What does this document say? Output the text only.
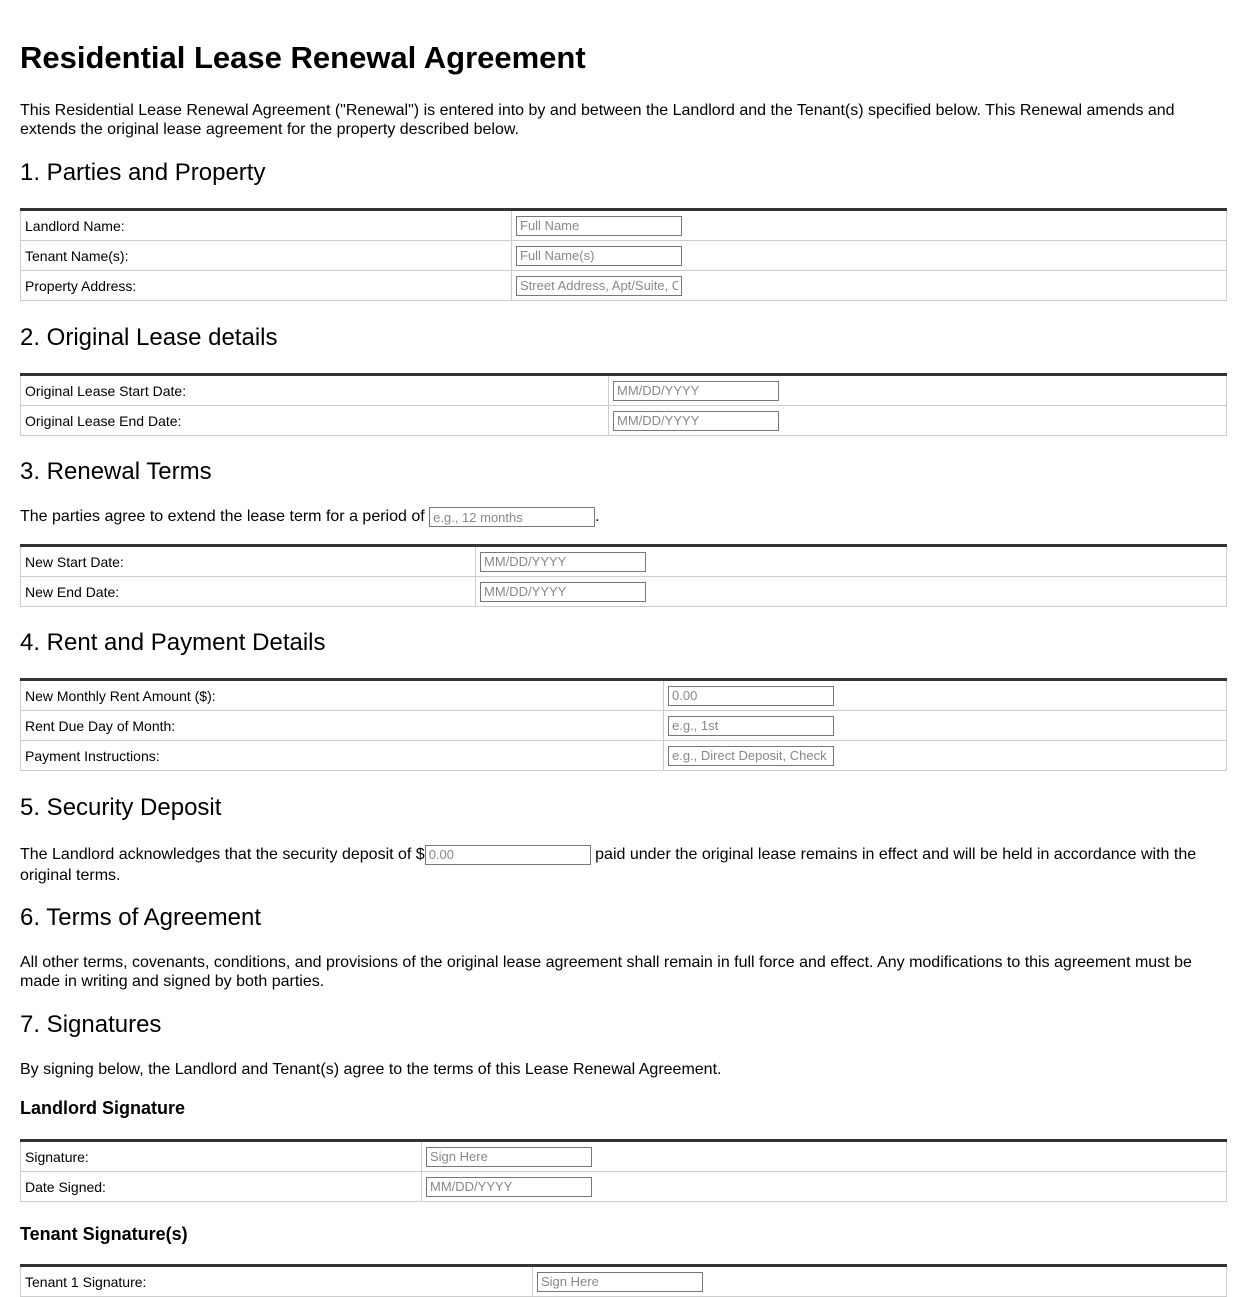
Residential Lease Renewal Agreement

This Residential Lease Renewal Agreement ("Renewal") is entered into by and between the Landlord and the Tenant(s) specified below. This Renewal amends and extends the original lease agreement for the property described below.

1. Parties and Property
Landlord Name:	Full Name
Tenant Name(s):	Full Name(s)
Property Address:	Street Address, Apt/Suite, City, State, Zip
2. Original Lease details
Original Lease Start Date:	MM/DD/YYYY
Original Lease End Date:	MM/DD/YYYY
3. Renewal Terms

The parties agree to extend the lease term for a period of e.g., 12 months	.

New Start Date:	MM/DD/YYYY
New End Date:	MM/DD/YYYY
4. Rent and Payment Details
New Monthly Rent Amount ($):	0.00
Rent Due Day of Month:	e.g., 1st
Payment Instructions:	e.g., Direct Deposit, Check
5. Security Deposit

The Landlord acknowledges that the security deposit of $0.00	paid under the original lease remains in effect and will be held in accordance with the original terms.

6. Terms of Agreement

All other terms, covenants, conditions, and provisions of the original lease agreement shall remain in full force and effect. Any modifications to this agreement must be made in writing and signed by both parties.

7. Signatures

By signing below, the Landlord and Tenant(s) agree to the terms of this Lease Renewal Agreement.

Landlord Signature
Signature:	Sign Here
Date Signed:	MM/DD/YYYY
Tenant Signature(s)
Tenant 1 Signature:	Sign Here
